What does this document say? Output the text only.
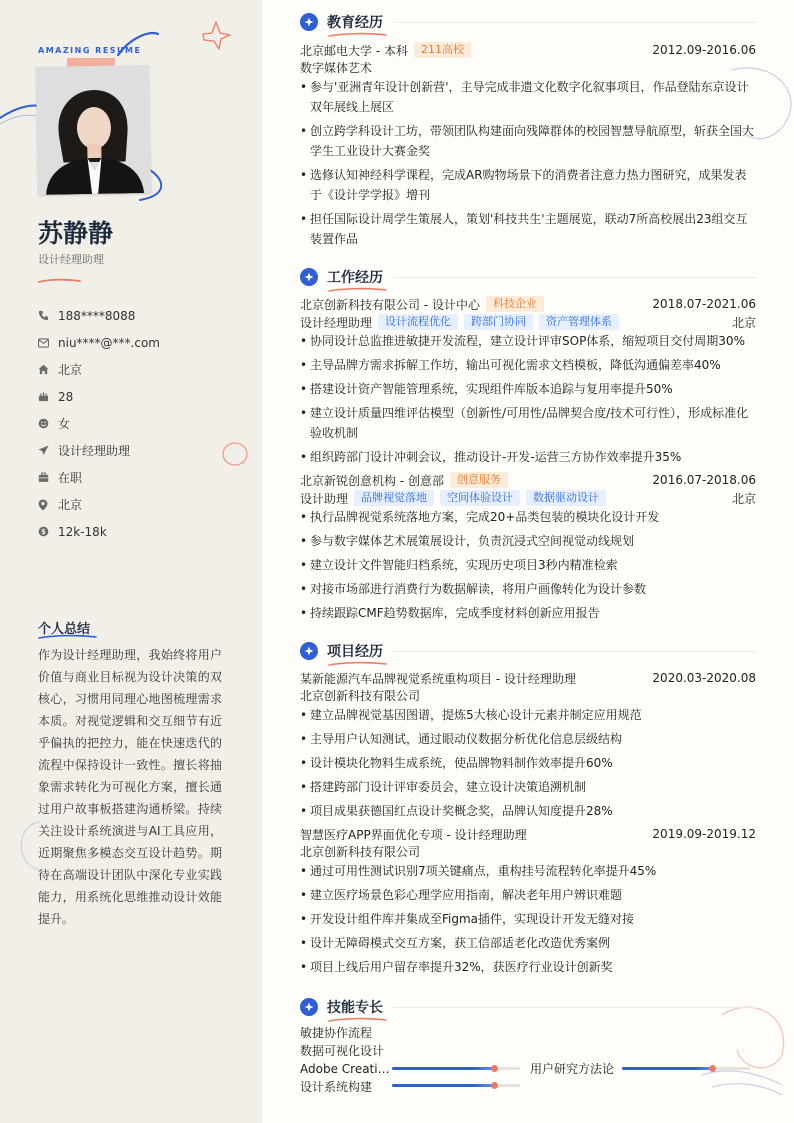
AMAZING RESUME
苏静静
设计经理助理
188****8088
niu****@***.com
北京
28
女
设计经理助理
在职
北京
$ 12k-18k
个人总结
作为设计经理助理，我始终将用户价值与商业目标视为设计决策的双核心，习惯用同理心地图梳理需求本质。对视觉逻辑和交互细节有近乎偏执的把控力，能在快速迭代的流程中保持设计一致性。擅长将抽象需求转化为可视化方案，擅长通过用户故事板搭建沟通桥梁。持续关注设计系统演进与AI工具应用，近期聚焦多模态交互设计趋势。期待在高端设计团队中深化专业实践能力，用系统化思维推动设计效能提升。
教育经历
北京邮电大学 - 本科	211高校	2012.09-2016.06
数字媒体艺术
• 参与'亚洲青年设计创新营'，主导完成非遗文化数字化叙事项目，作品登陆东京设计双年展线上展区
• 创立跨学科设计工坊，带领团队构建面向残障群体的校园智慧导航原型，斩获全国大学生工业设计大赛金奖
• 选修认知神经科学课程，完成AR购物场景下的消费者注意力热力图研究，成果发表于《设计学学报》增刊
• 担任国际设计周学生策展人，策划'科技共生'主题展览，联动7所高校展出23组交互装置作品
工作经历
北京创新科技有限公司 - 设计中心	科技企业	2018.07-2021.06
设计经理助理	设计流程优化	跨部门协同	资产管理体系	北京
• 协同设计总监推进敏捷开发流程，建立设计评审SOP体系，缩短项目交付周期30%
• 主导品牌方需求拆解工作坊，输出可视化需求文档模板，降低沟通偏差率40%
• 搭建设计资产智能管理系统，实现组件库版本追踪与复用率提升50%
• 建立设计质量四维评估模型（创新性/可用性/品牌契合度/技术可行性），形成标准化验收机制
• 组织跨部门设计冲刺会议，推动设计-开发-运营三方协作效率提升35%
北京新锐创意机构 - 创意部	创意服务	2016.07-2018.06
设计助理	品牌视觉落地	空间体验设计	数据驱动设计	北京
• 执行品牌视觉系统落地方案，完成20+品类包装的模块化设计开发
• 参与数字媒体艺术展策展设计，负责沉浸式空间视觉动线规划
• 建立设计文件智能归档系统，实现历史项目3秒内精准检索
• 对接市场部进行消费行为数据解读，将用户画像转化为设计参数
• 持续跟踪CMF趋势数据库，完成季度材料创新应用报告
项目经历
某新能源汽车品牌视觉系统重构项目 - 设计经理助理	2020.03-2020.08
北京创新科技有限公司
• 建立品牌视觉基因图谱，提炼5大核心设计元素并制定应用规范
• 主导用户认知测试，通过眼动仪数据分析优化信息层级结构
• 设计模块化物料生成系统，使品牌物料制作效率提升60%
• 搭建跨部门设计评审委员会，建立设计决策追溯机制
• 项目成果获德国红点设计奖概念奖，品牌认知度提升28%
智慧医疗APP界面优化专项 - 设计经理助理	2019.09-2019.12
北京创新科技有限公司
• 通过可用性测试识别7项关键痛点，重构挂号流程转化率提升45%
• 建立医疗场景色彩心理学应用指南，解决老年用户辨识难题
• 开发设计组件库并集成至Figma插件，实现设计开发无缝对接
• 设计无障碍模式交互方案，获工信部适老化改造优秀案例
• 项目上线后用户留存率提升32%，获医疗行业设计创新奖
技能专长
敏捷协作流程
数据可视化设计
Adobe Creati…	用户研究方法论
设计系统构建
